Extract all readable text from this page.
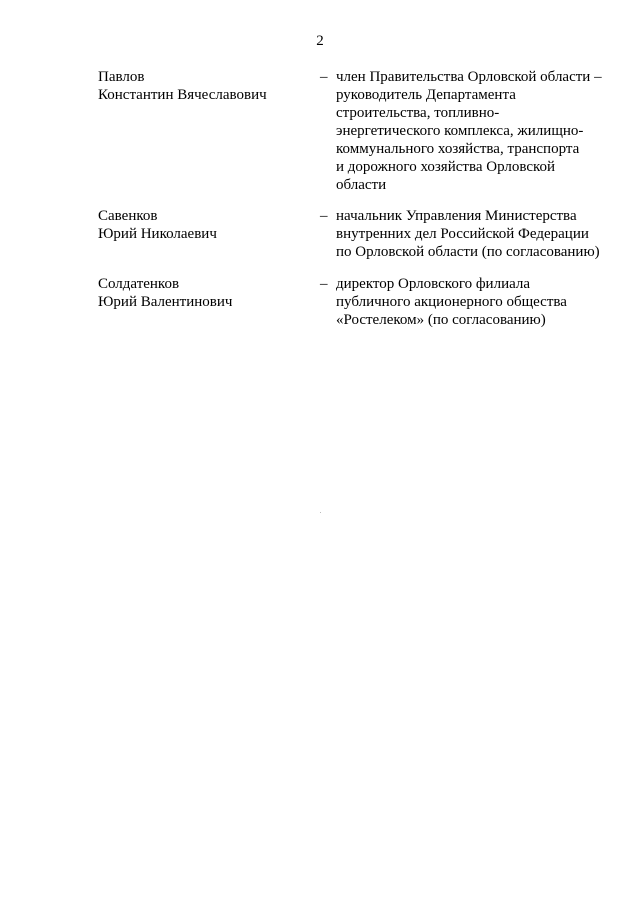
2
Павлов
Константин Вячеславович
– член Правительства Орловской области –
руководитель Департамента
строительства, топливно-
энергетического комплекса, жилищно-
коммунального хозяйства, транспорта
и дорожного хозяйства Орловской
области
Савенков
Юрий Николаевич
– начальник Управления Министерства
внутренних дел Российской Федерации
по Орловской области (по согласованию)
Солдатенков
Юрий Валентинович
– директор Орловского филиала
публичного акционерного общества
«Ростелеком» (по согласованию)
